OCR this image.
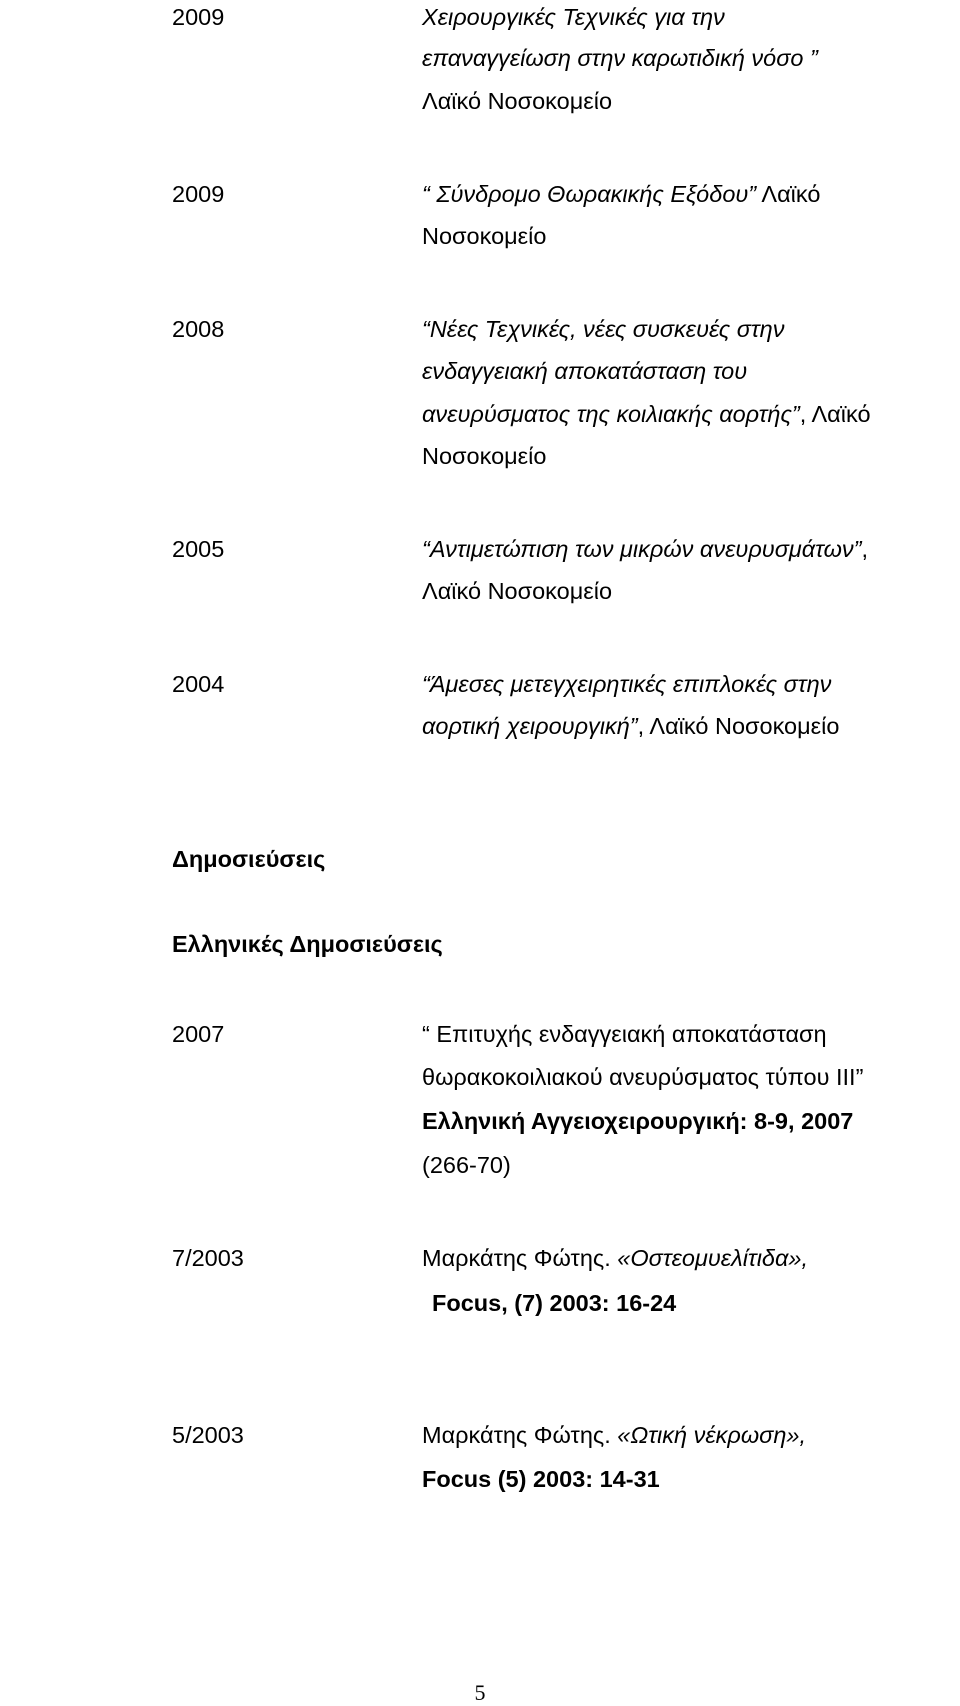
2009	Χειρουργικές Τεχνικές για την
επαναγγείωση στην καρωτιδική νόσο ”
Λαϊκό Νοσοκομείο
2009	“ Σύνδρομο Θωρακικής Εξόδου” Λαϊκό
Νοσοκομείο
2008	“Νέες Τεχνικές, νέες συσκευές στην
ενδαγγειακή αποκατάσταση του
ανευρύσματος της κοιλιακής αορτής”, Λαϊκό
Νοσοκομείο
2005	“Αντιμετώπιση των μικρών ανευρυσμάτων”,
Λαϊκό Νοσοκομείο
2004	“Άμεσες μετεγχειρητικές επιπλοκές στην
αορτική χειρουργική”, Λαϊκό Νοσοκομείο
Δημοσιεύσεις
Ελληνικές Δημοσιεύσεις
2007	“ Επιτυχής ενδαγγειακή αποκατάσταση
θωρακοκοιλιακού ανευρύσματος τύπου ΙΙΙ”
Ελληνική Αγγειοχειρουργική: 8-9, 2007
(266-70)
7/2003	Μαρκάτης Φώτης. «Οστεομυελίτιδα»,
Focus, (7) 2003: 16-24
5/2003	Μαρκάτης Φώτης. «Ωτική νέκρωση»,
Focus (5) 2003: 14-31
5
